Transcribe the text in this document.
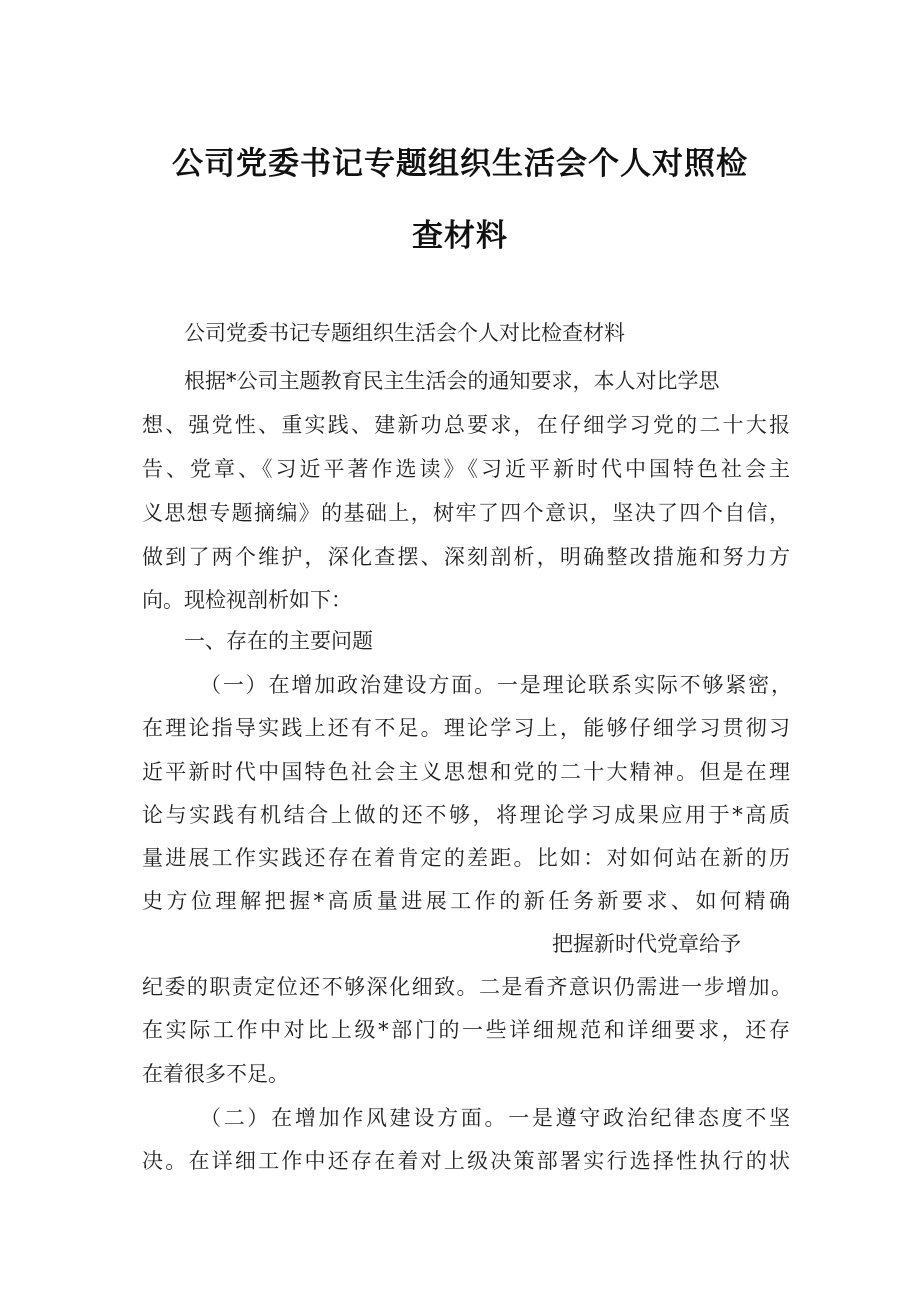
公司党委书记专题组织生活会个人对照检
查材料
公司党委书记专题组织生活会个人对比检查材料
根据*公司主题教育民主生活会的通知要求，本人对比学思
想、强党性、重实践、建新功总要求，在仔细学习党的二十大报
告、党章、《习近平著作选读》《习近平新时代中国特色社会主
义思想专题摘编》的基础上，树牢了四个意识，坚决了四个自信，
做到了两个维护，深化查摆、深刻剖析，明确整改措施和努力方
向。现检视剖析如下：
一、存在的主要问题
（一）在增加政治建设方面。一是理论联系实际不够紧密，
在理论指导实践上还有不足。理论学习上，能够仔细学习贯彻习
近平新时代中国特色社会主义思想和党的二十大精神。但是在理
论与实践有机结合上做的还不够，将理论学习成果应用于*高质
量进展工作实践还存在着肯定的差距。比如：对如何站在新的历
史方位理解把握*高质量进展工作的新任务新要求、如何精确
把握新时代党章给予
纪委的职责定位还不够深化细致。二是看齐意识仍需进一步增加。
在实际工作中对比上级*部门的一些详细规范和详细要求，还存
在着很多不足。
（二）在增加作风建设方面。一是遵守政治纪律态度不坚
决。在详细工作中还存在着对上级决策部署实行选择性执行的状
